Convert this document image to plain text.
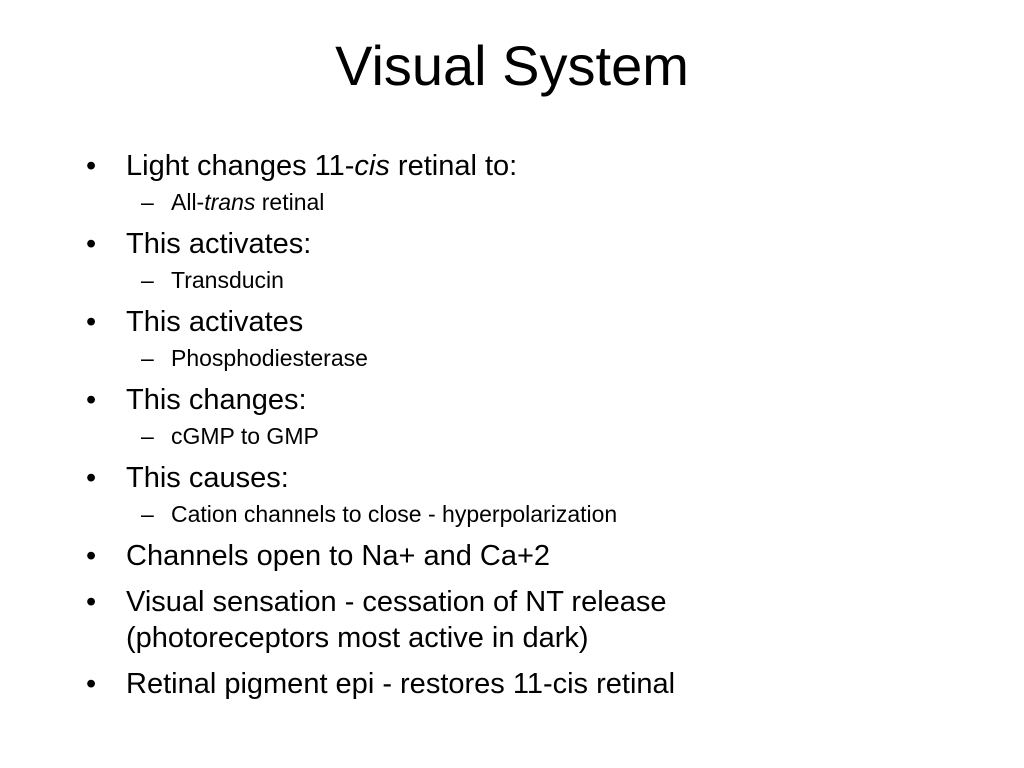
Visual System
• Light changes 11-cis retinal to:
– All-trans retinal
• This activates:
– Transducin
• This activates
– Phosphodiesterase
• This changes:
– cGMP to GMP
• This causes:
– Cation channels to close - hyperpolarization
• Channels open to Na+ and Ca+2
• Visual sensation - cessation of NT release
(photoreceptors most active in dark)
• Retinal pigment epi - restores 11-cis retinal
